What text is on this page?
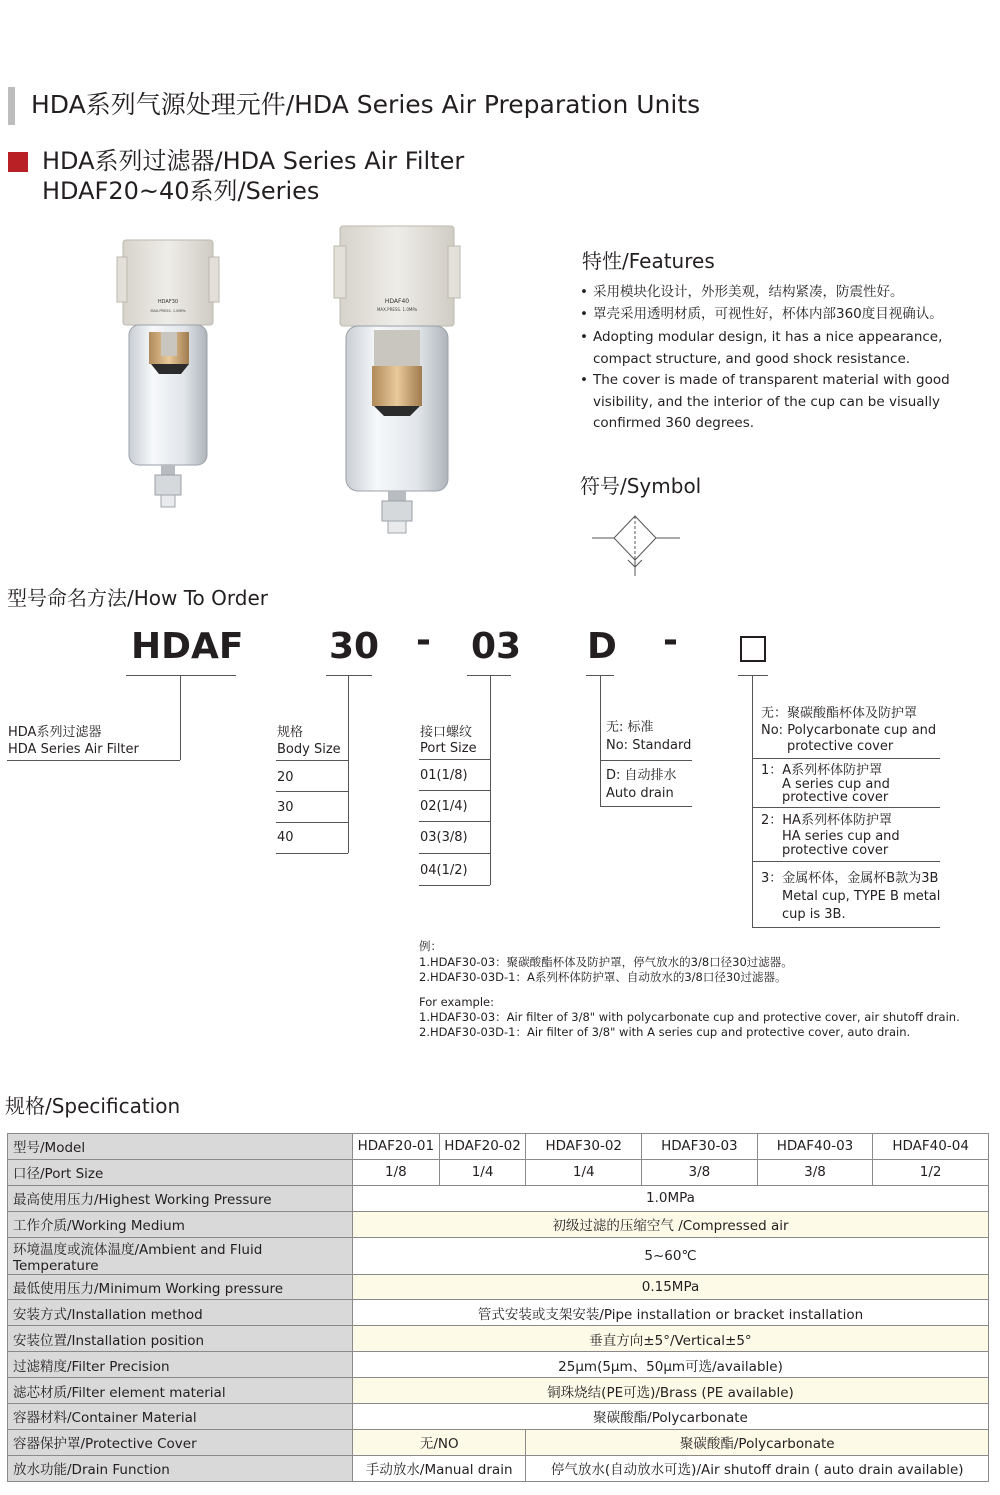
HDA系列气源处理元件/HDA Series Air Preparation Units
HDA系列过滤器/HDA Series Air Filter
HDAF20~40系列/Series
HDAF30
MAX.PRESS. 1.0MPa
HDAF40
MAX.PRESS. 1.0MPa
特性/Features
• 采用模块化设计，外形美观，结构紧凑，防震性好。
• 罩壳采用透明材质，可视性好，杯体内部360度目视确认。
• Adopting modular design, it has a nice appearance, compact structure, and good shock resistance.
• The cover is made of transparent material with good visibility, and the interior of the cup can be visually confirmed 360 degrees.
符号/Symbol
型号命名方法/How To Order
HDAF 30 - 03 D -
HDA系列过滤器
HDA Series Air Filter
规格
Body Size
20
30
40
接口螺纹
Port Size
01(1/8)
02(1/4)
03(3/8)
04(1/2)
无: 标准
No: Standard
D: 自动排水
Auto drain
无：聚碳酸酯杯体及防护罩
No: Polycarbonate cup and
protective cover
1：A系列杯体防护罩
A series cup and
protective cover
2：HA系列杯体防护罩
HA series cup and
protective cover
3：金属杯体，金属杯B款为3B
Metal cup, TYPE B metal
cup is 3B.
例：
1.HDAF30-03：聚碳酸酯杯体及防护罩，停气放水的3/8口径30过滤器。
2.HDAF30-03D-1：A系列杯体防护罩、自动放水的3/8口径30过滤器。
For example:
1.HDAF30-03：Air filter of 3/8" with polycarbonate cup and protective cover, air shutoff drain.
2.HDAF30-03D-1：Air filter of 3/8" with A series cup and protective cover, auto drain.
规格/Specification
型号/Model	HDAF20-01	HDAF20-02	HDAF30-02	HDAF30-03	HDAF40-03	HDAF40-04
口径/Port Size	1/8	1/4	1/4	3/8	3/8	1/2
最高使用压力/Highest Working Pressure	1.0MPa					
工作介质/Working Medium	初级过滤的压缩空气 /Compressed air					
环境温度或流体温度/Ambient and Fluid Temperature	5~60℃					
最低使用压力/Minimum Working pressure	0.15MPa					
安装方式/Installation method	管式安装或支架安装/Pipe installation or bracket installation					
安装位置/Installation position	垂直方向±5°/Vertical±5°					
过滤精度/Filter Precision	25μm(5μm、50μm可选/available)					
滤芯材质/Filter element material	铜珠烧结(PE可选)/Brass (PE available)					
容器材料/Container Material	聚碳酸酯/Polycarbonate					
容器保护罩/Protective Cover	无/NO		聚碳酸酯/Polycarbonate			
放水功能/Drain Function	手动放水/Manual drain		停气放水(自动放水可选)/Air shutoff drain ( auto drain available)			
